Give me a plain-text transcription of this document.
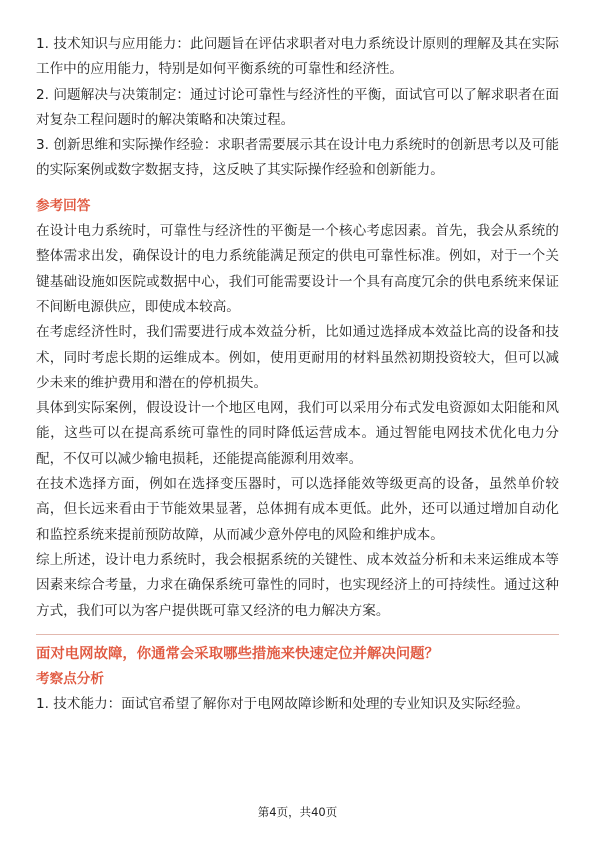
1. 技术知识与应用能力：此问题旨在评估求职者对电力系统设计原则的理解及其在实际工作中的应用能力，特别是如何平衡系统的可靠性和经济性。

2. 问题解决与决策制定：通过讨论可靠性与经济性的平衡，面试官可以了解求职者在面对复杂工程问题时的解决策略和决策过程。

3. 创新思维和实际操作经验：求职者需要展示其在设计电力系统时的创新思考以及可能的实际案例或数字数据支持，这反映了其实际操作经验和创新能力。

参考回答

在设计电力系统时，可靠性与经济性的平衡是一个核心考虑因素。首先，我会从系统的整体需求出发，确保设计的电力系统能满足预定的供电可靠性标准。例如，对于一个关键基础设施如医院或数据中心，我们可能需要设计一个具有高度冗余的供电系统来保证不间断电源供应，即使成本较高。

在考虑经济性时，我们需要进行成本效益分析，比如通过选择成本效益比高的设备和技术，同时考虑长期的运维成本。例如，使用更耐用的材料虽然初期投资较大，但可以减少未来的维护费用和潜在的停机损失。

具体到实际案例，假设设计一个地区电网，我们可以采用分布式发电资源如太阳能和风能，这些可以在提高系统可靠性的同时降低运营成本。通过智能电网技术优化电力分配，不仅可以减少输电损耗，还能提高能源利用效率。

在技术选择方面，例如在选择变压器时，可以选择能效等级更高的设备，虽然单价较高，但长远来看由于节能效果显著，总体拥有成本更低。此外，还可以通过增加自动化和监控系统来提前预防故障，从而减少意外停电的风险和维护成本。

综上所述，设计电力系统时，我会根据系统的关键性、成本效益分析和未来运维成本等因素来综合考量，力求在确保系统可靠性的同时，也实现经济上的可持续性。通过这种方式，我们可以为客户提供既可靠又经济的电力解决方案。

面对电网故障，你通常会采取哪些措施来快速定位并解决问题？

考察点分析

1. 技术能力：面试官希望了解你对于电网故障诊断和处理的专业知识及实际经验。

第4页，共40页
